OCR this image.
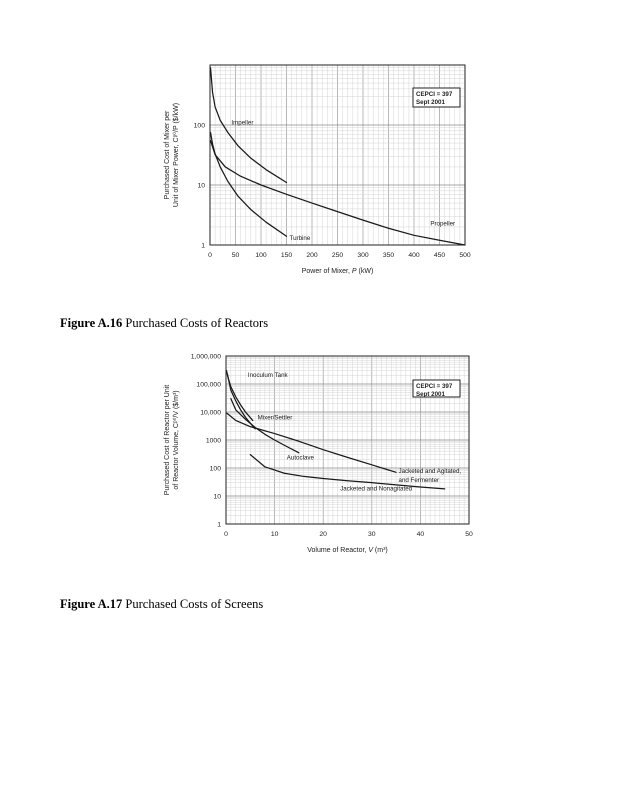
0	50 100 150 200 250 300 350 400 450 500
1
10
100	Impeller
Turbine
Propeller
CEPCI = 397
Sept 2001
Power of Mixer, P (kW)
Purchased Cost of Mixer per Unit of Mixer Power, Cᵖ⁰/P ($/kW)
Figure A.16 Purchased Costs of Reactors
0	10	20	30	40	50
1
10
100
1000
10,000
100,000
1,000,000
Inoculum Tank
Mixer/Settler
Autoclave
Jacketed and Agitated,
and Fermenter
Jacketed and Nonagitated
CEPCI = 397
Sept 2001
Volume of Reactor, V (m³)
Purchased Cost of Reactor per Unit of Reactor Volume, Cᵖ⁰/V ($/m³)
Figure A.17 Purchased Costs of Screens
